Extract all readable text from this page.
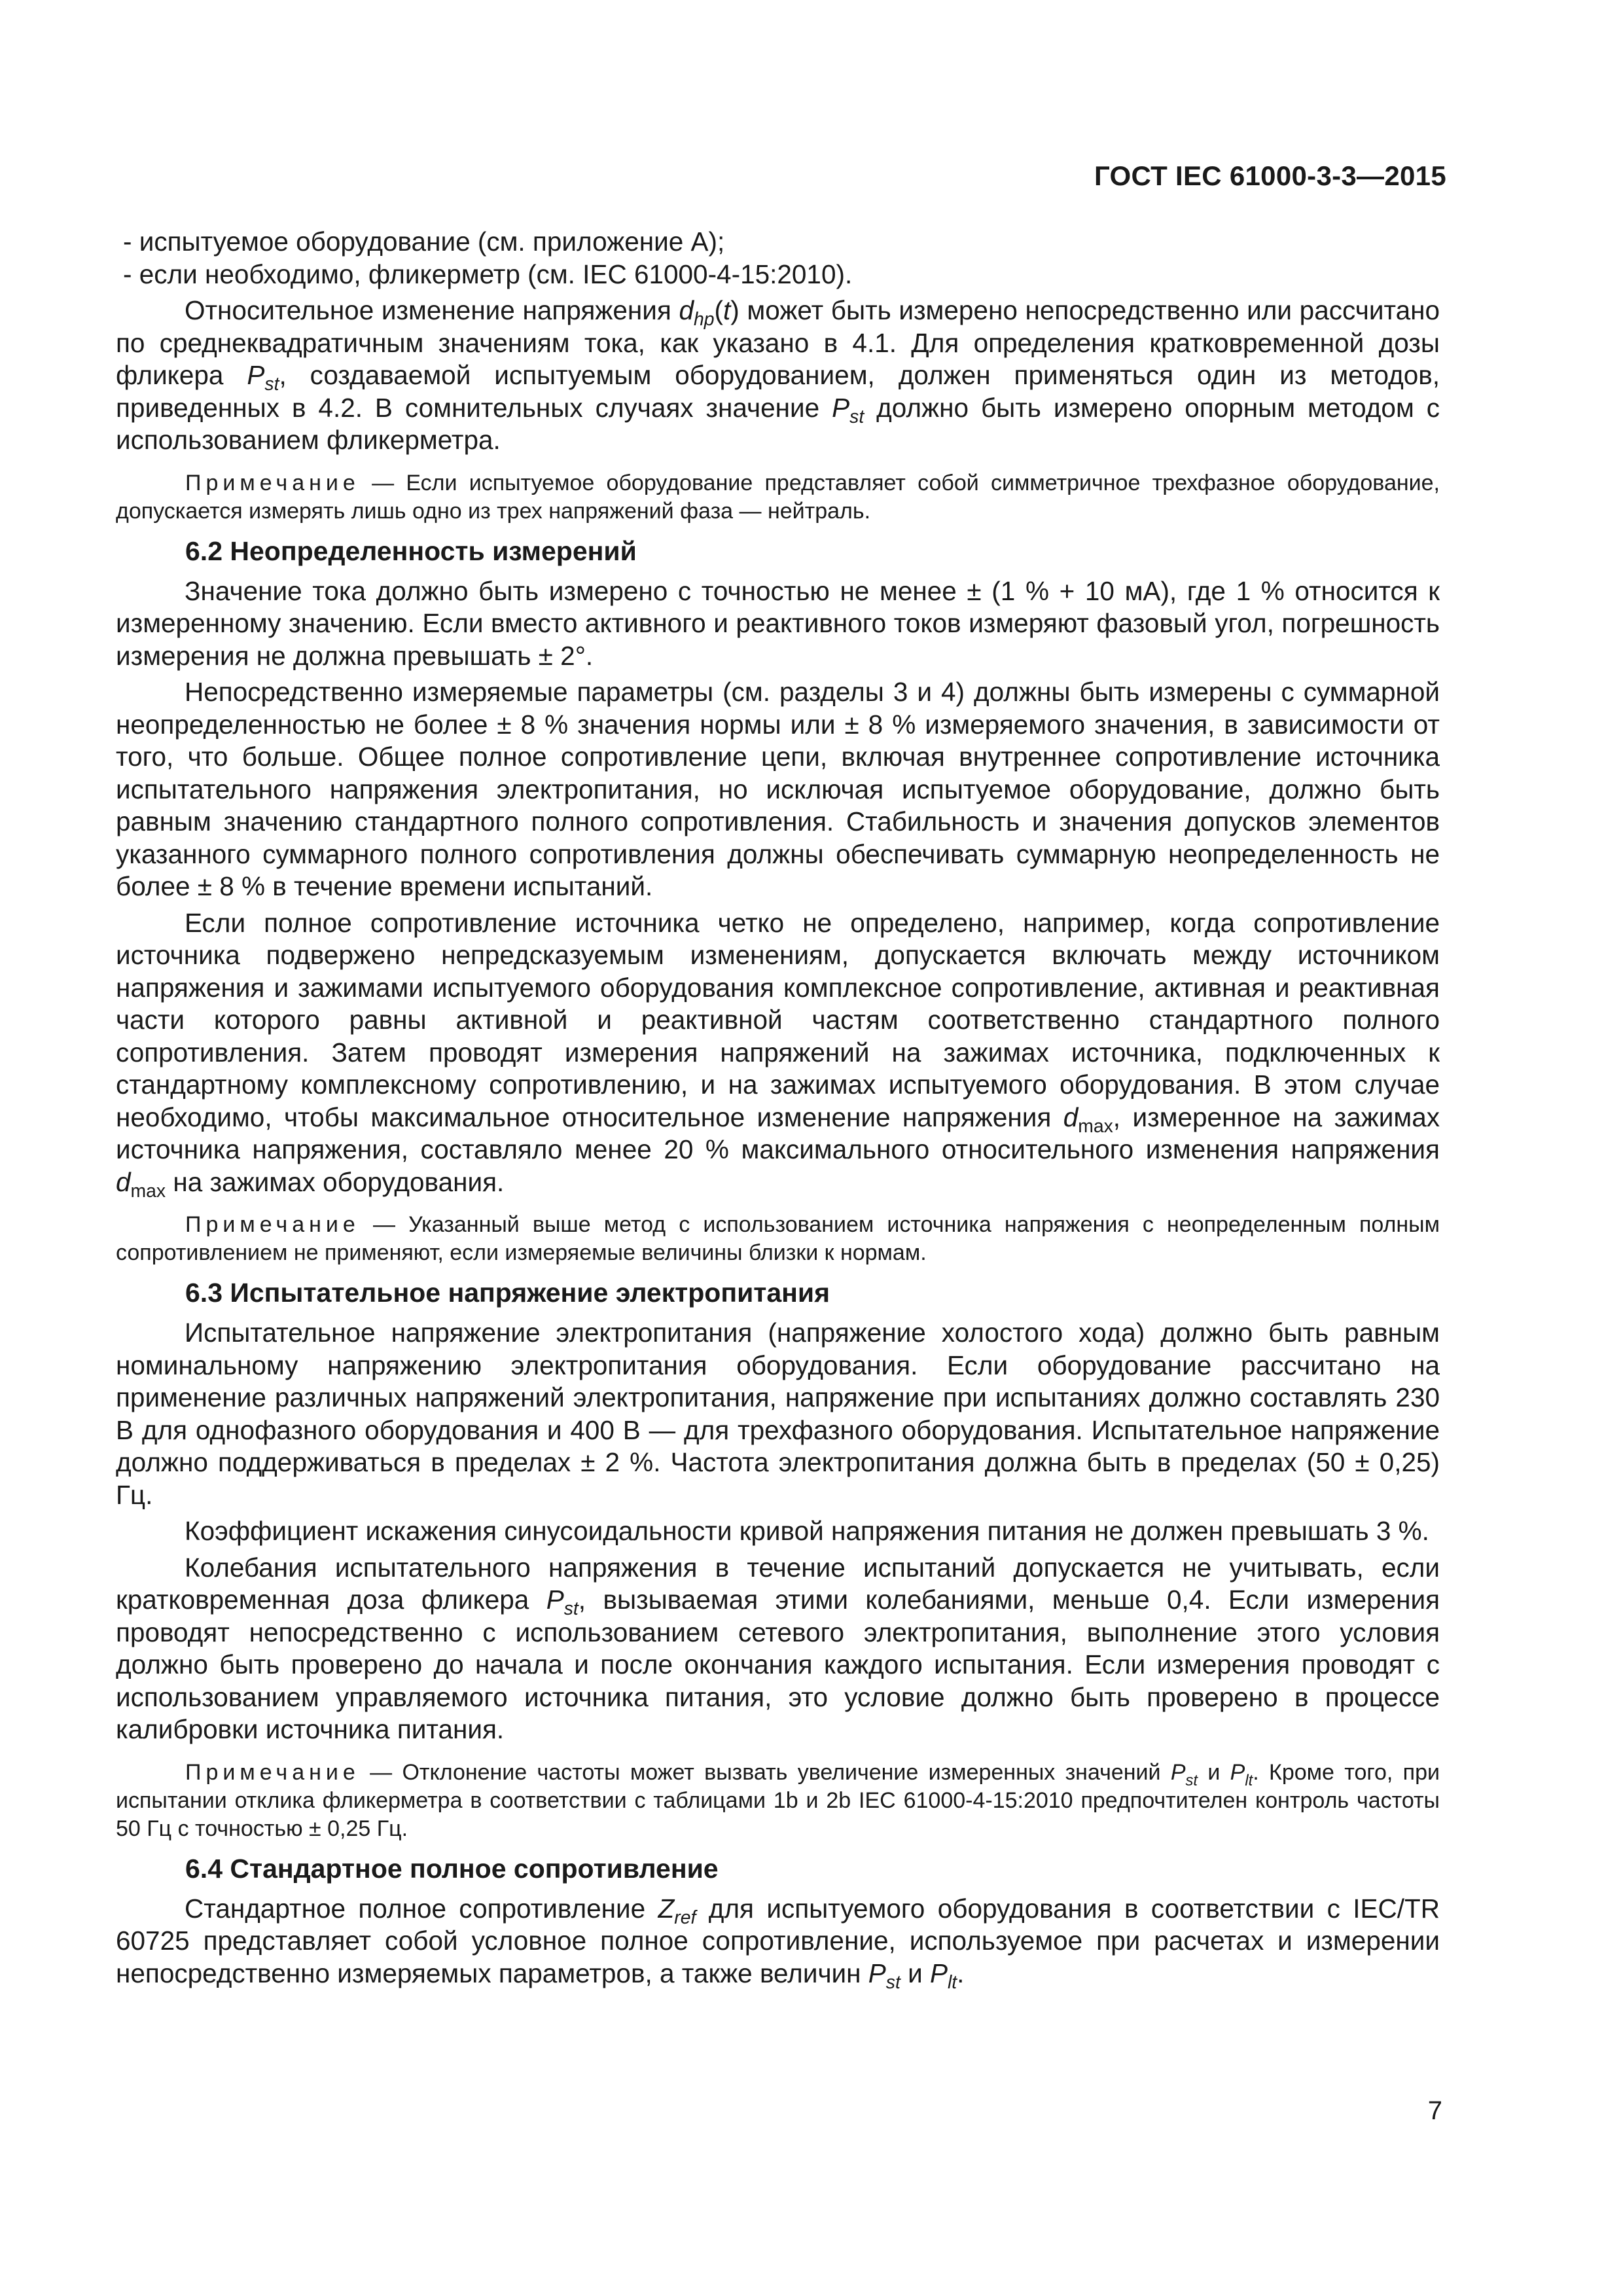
ГОСТ IEC 61000-3-3—2015

- испытуемое оборудование (см. приложение А);

- если необходимо, фликерметр (см. IEC 61000-4-15:2010).

Относительное изменение напряжения $d_{hp}(t)$ может быть измерено непосредственно или рассчитано по среднеквадратичным значениям тока, как указано в 4.1. Для определения кратковременной дозы фликера $P_{st}$, создаваемой испытуемым оборудованием, должен применяться один из методов, приведенных в 4.2. В сомнительных случаях значение $P_{st}$ должно быть измерено опорным методом с использованием фликерметра.

Примечание — Если испытуемое оборудование представляет собой симметричное трехфазное оборудование, допускается измерять лишь одно из трех напряжений фаза — нейтраль.

6.2 Неопределенность измерений

Значение тока должно быть измерено с точностью не менее ± (1 % + 10 мА), где 1 % относится к измеренному значению. Если вместо активного и реактивного токов измеряют фазовый угол, погрешность измерения не должна превышать ± 2°.

Непосредственно измеряемые параметры (см. разделы 3 и 4) должны быть измерены с суммарной неопределенностью не более ± 8 % значения нормы или ± 8 % измеряемого значения, в зависимости от того, что больше. Общее полное сопротивление цепи, включая внутреннее сопротивление источника испытательного напряжения электропитания, но исключая испытуемое оборудование, должно быть равным значению стандартного полного сопротивления. Стабильность и значения допусков элементов указанного суммарного полного сопротивления должны обеспечивать суммарную неопределенность не более ± 8 % в течение времени испытаний.

Если полное сопротивление источника четко не определено, например, когда сопротивление источника подвержено непредсказуемым изменениям, допускается включать между источником напряжения и зажимами испытуемого оборудования комплексное сопротивление, активная и реактивная части которого равны активной и реактивной частям соответственно стандартного полного сопротивления. Затем проводят измерения напряжений на зажимах источника, подключенных к стандартному комплексному сопротивлению, и на зажимах испытуемого оборудования. В этом случае необходимо, чтобы максимальное относительное изменение напряжения $d_{max}$, измеренное на зажимах источника напряжения, составляло менее 20 % максимального относительного изменения напряжения $d_{max}$ на зажимах оборудования.

Примечание — Указанный выше метод с использованием источника напряжения с неопределенным полным сопротивлением не применяют, если измеряемые величины близки к нормам.

6.3 Испытательное напряжение электропитания

Испытательное напряжение электропитания (напряжение холостого хода) должно быть равным номинальному напряжению электропитания оборудования. Если оборудование рассчитано на применение различных напряжений электропитания, напряжение при испытаниях должно составлять 230 В для однофазного оборудования и 400 В — для трехфазного оборудования. Испытательное напряжение должно поддерживаться в пределах ± 2 %. Частота электропитания должна быть в пределах (50 ± 0,25) Гц.

Коэффициент искажения синусоидальности кривой напряжения питания не должен превышать 3 %.

Колебания испытательного напряжения в течение испытаний допускается не учитывать, если кратковременная доза фликера $P_{st}$, вызываемая этими колебаниями, меньше 0,4. Если измерения проводят непосредственно с использованием сетевого электропитания, выполнение этого условия должно быть проверено до начала и после окончания каждого испытания. Если измерения проводят с использованием управляемого источника питания, это условие должно быть проверено в процессе калибровки источника питания.

Примечание — Отклонение частоты может вызвать увеличение измеренных значений $P_{st}$ и $P_{lt}$. Кроме того, при испытании отклика фликерметра в соответствии с таблицами 1b и 2b IEC 61000-4-15:2010 предпочтителен контроль частоты 50 Гц с точностью ± 0,25 Гц.

6.4 Стандартное полное сопротивление

Стандартное полное сопротивление $Z_{ref}$ для испытуемого оборудования в соответствии с IEC/TR 60725 представляет собой условное полное сопротивление, используемое при расчетах и измерении непосредственно измеряемых параметров, а также величин $P_{st}$ и $P_{lt}$.

7
